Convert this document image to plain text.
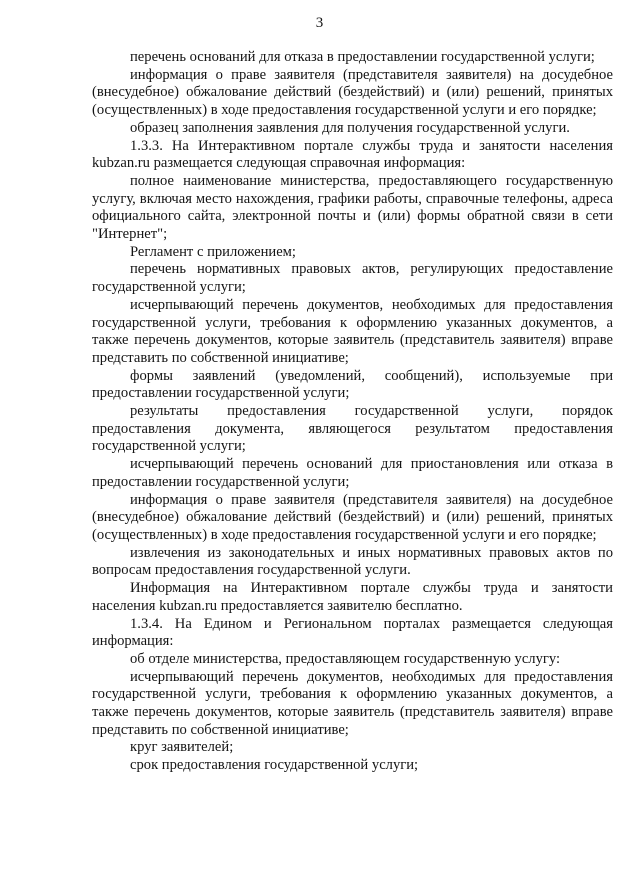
3

перечень оснований для отказа в предоставлении государственной услуги;

информация о праве заявителя (представителя заявителя) на досудебное (внесудебное) обжалование действий (бездействий) и (или) решений, принятых (осуществленных) в ходе предоставления государственной услуги и его порядке;

образец заполнения заявления для получения государственной услуги.

1.3.3. На Интерактивном портале службы труда и занятости населения kubzan.ru размещается следующая справочная информация:

полное наименование министерства, предоставляющего государственную услугу, включая место нахождения, графики работы, справочные телефоны, адреса официального сайта, электронной почты и (или) формы обратной связи в сети "Интернет";

Регламент с приложением;

перечень нормативных правовых актов, регулирующих предоставление государственной услуги;

исчерпывающий перечень документов, необходимых для предоставления государственной услуги, требования к оформлению указанных документов, а также перечень документов, которые заявитель (представитель заявителя) вправе представить по собственной инициативе;

формы заявлений (уведомлений, сообщений), используемые при предоставлении государственной услуги;

результаты предоставления государственной услуги, порядок предоставления документа, являющегося результатом предоставления государственной услуги;

исчерпывающий перечень оснований для приостановления или отказа в предоставлении государственной услуги;

информация о праве заявителя (представителя заявителя) на досудебное (внесудебное) обжалование действий (бездействий) и (или) решений, принятых (осуществленных) в ходе предоставления государственной услуги и его порядке;

извлечения из законодательных и иных нормативных правовых актов по вопросам предоставления государственной услуги.

Информация на Интерактивном портале службы труда и занятости населения kubzan.ru предоставляется заявителю бесплатно.

1.3.4. На Едином и Региональном порталах размещается следующая информация:

об отделе министерства, предоставляющем государственную услугу:

исчерпывающий перечень документов, необходимых для предоставления государственной услуги, требования к оформлению указанных документов, а также перечень документов, которые заявитель (представитель заявителя) вправе представить по собственной инициативе;

круг заявителей;

срок предоставления государственной услуги;
